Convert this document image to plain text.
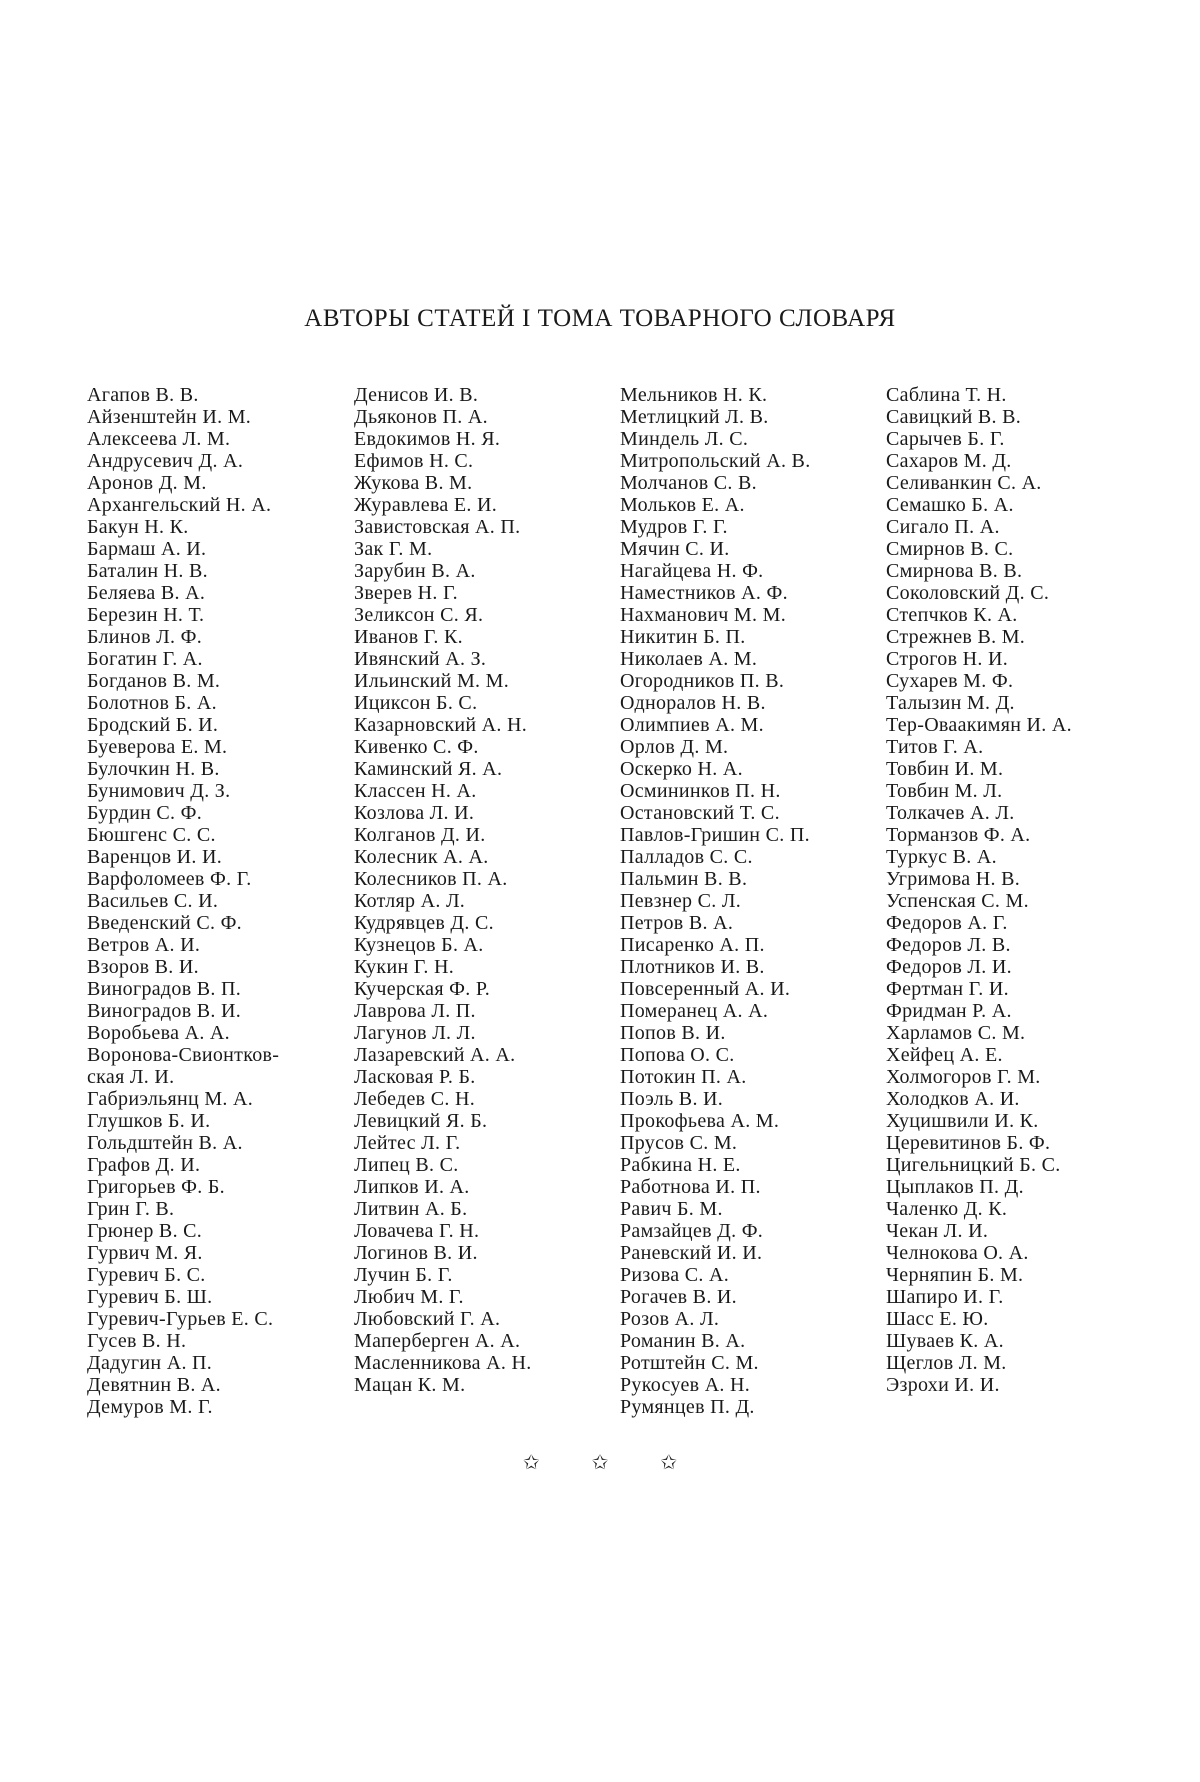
АВТОРЫ СТАТЕЙ I ТОМА ТОВАРНОГО СЛОВАРЯ
Агапов В. В.
Айзенштейн И. М.
Алексеева Л. М.
Андрусевич Д. А.
Аронов Д. М.
Архангельский Н. А.
Бакун Н. К.
Бармаш А. И.
Баталин Н. В.
Беляева В. А.
Березин Н. Т.
Блинов Л. Ф.
Богатин Г. А.
Богданов В. М.
Болотнов Б. А.
Бродский Б. И.
Буеверова Е. М.
Булочкин Н. В.
Бунимович Д. З.
Бурдин С. Ф.
Бюшгенс С. С.
Варенцов И. И.
Варфоломеев Ф. Г.
Васильев С. И.
Введенский С. Ф.
Ветров А. И.
Взоров В. И.
Виноградов В. П.
Виноградов В. И.
Воробьева А. А.
Воронова-Свионтков-
ская Л. И.
Габриэльянц М. А.
Глушков Б. И.
Гольдштейн В. А.
Графов Д. И.
Григорьев Ф. Б.
Грин Г. В.
Грюнер В. С.
Гурвич М. Я.
Гуревич Б. С.
Гуревич Б. Ш.
Гуревич-Гурьев Е. С.
Гусев В. Н.
Дадугин А. П.
Девятнин В. А.
Демуров М. Г.
Денисов И. В.
Дьяконов П. А.
Евдокимов Н. Я.
Ефимов Н. С.
Жукова В. М.
Журавлева Е. И.
Завистовская А. П.
Зак Г. М.
Зарубин В. А.
Зверев Н. Г.
Зеликсон С. Я.
Иванов Г. К.
Ивянский А. З.
Ильинский М. М.
Ициксон Б. С.
Казарновский А. Н.
Кивенко С. Ф.
Каминский Я. А.
Классен Н. А.
Козлова Л. И.
Колганов Д. И.
Колесник А. А.
Колесников П. А.
Котляр А. Л.
Кудрявцев Д. С.
Кузнецов Б. А.
Кукин Г. Н.
Кучерская Ф. Р.
Лаврова Л. П.
Лагунов Л. Л.
Лазаревский А. А.
Ласковая Р. Б.
Лебедев С. Н.
Левицкий Я. Б.
Лейтес Л. Г.
Липец В. С.
Липков И. А.
Литвин А. Б.
Ловачева Г. Н.
Логинов В. И.
Лучин Б. Г.
Любич М. Г.
Любовский Г. А.
Маперберген А. А.
Масленникова А. Н.
Мацан К. М.
Мельников Н. К.
Метлицкий Л. В.
Миндель Л. С.
Митропольский А. В.
Молчанов С. В.
Мольков Е. А.
Мудров Г. Г.
Мячин С. И.
Нагайцева Н. Ф.
Наместников А. Ф.
Нахманович М. М.
Никитин Б. П.
Николаев А. М.
Огородников П. В.
Одноралов Н. В.
Олимпиев А. М.
Орлов Д. М.
Оскерко Н. А.
Осмининков П. Н.
Остановский Т. С.
Павлов-Гришин С. П.
Палладов С. С.
Пальмин В. В.
Певзнер С. Л.
Петров В. А.
Писаренко А. П.
Плотников И. В.
Повсеренный А. И.
Померанец А. А.
Попов В. И.
Попова О. С.
Потокин П. А.
Поэль В. И.
Прокофьева А. М.
Прусов С. М.
Рабкина Н. Е.
Работнова И. П.
Равич Б. М.
Рамзайцев Д. Ф.
Раневский И. И.
Ризова С. А.
Рогачев В. И.
Розов А. Л.
Романин В. А.
Ротштейн С. М.
Рукосуев А. Н.
Румянцев П. Д.
Саблина Т. Н.
Савицкий В. В.
Сарычев Б. Г.
Сахаров М. Д.
Селиванкин С. А.
Семашко Б. А.
Сигало П. А.
Смирнов В. С.
Смирнова В. В.
Соколовский Д. С.
Степчков К. А.
Стрежнев В. М.
Строгов Н. И.
Сухарев М. Ф.
Талызин М. Д.
Тер-Оваакимян И. А.
Титов Г. А.
Товбин И. М.
Товбин М. Л.
Толкачев А. Л.
Торманзов Ф. А.
Туркус В. А.
Угримова Н. В.
Успенская С. М.
Федоров А. Г.
Федоров Л. В.
Федоров Л. И.
Фертман Г. И.
Фридман Р. А.
Харламов С. М.
Хейфец А. Е.
Холмогоров Г. М.
Холодков А. И.
Хуцишвили И. К.
Церевитинов Б. Ф.
Цигельницкий Б. С.
Цыплаков П. Д.
Чаленко Д. К.
Чекан Л. И.
Челнокова О. А.
Черняпин Б. М.
Шапиро И. Г.
Шасс Е. Ю.
Шуваев К. А.
Щеглов Л. М.
Эзрохи И. И.
✩✩✩
